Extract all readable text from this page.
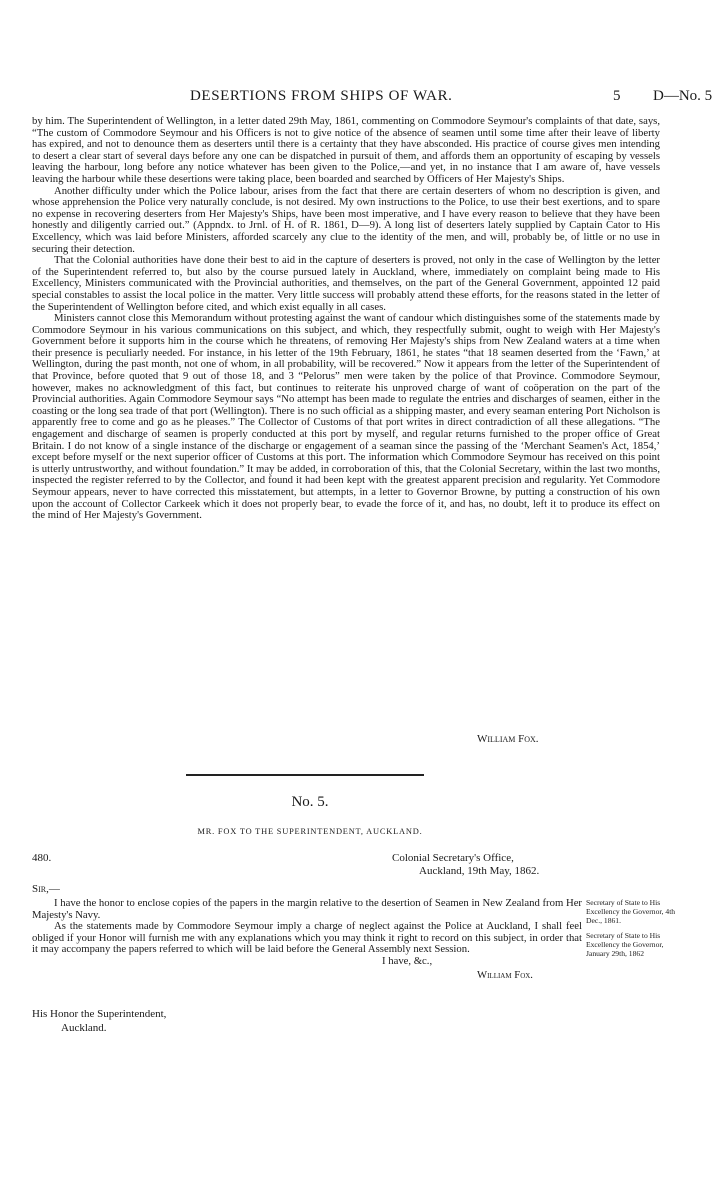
DESERTIONS FROM SHIPS OF WAR.	5 D—No. 5

by him. The Superintendent of Wellington, in a letter dated 29th May, 1861, commenting on Commodore Seymour's complaints of that date, says, “The custom of Commodore Seymour and his Officers is not to give notice of the absence of seamen until some time after their leave of liberty has expired, and not to denounce them as deserters until there is a certainty that they have absconded. His practice of course gives men intending to desert a clear start of several days before any one can be dispatched in pursuit of them, and affords them an opportunity of escaping by vessels leaving the harbour, long before any notice whatever has been given to the Police,—and yet, in no instance that I am aware of, have vessels leaving the harbour while these desertions were taking place, been boarded and searched by Officers of Her Majesty's Ships.

Another difficulty under which the Police labour, arises from the fact that there are certain deserters of whom no description is given, and whose apprehension the Police very naturally conclude, is not desired. My own instructions to the Police, to use their best exertions, and to spare no expense in recovering deserters from Her Majesty's Ships, have been most imperative, and I have every reason to believe that they have been honestly and diligently carried out.” (Appndx. to Jrnl. of H. of R. 1861, D—9). A long list of deserters lately supplied by Captain Cator to His Excellency, which was laid before Ministers, afforded scarcely any clue to the identity of the men, and will, probably be, of little or no use in securing their detection.

That the Colonial authorities have done their best to aid in the capture of deserters is proved, not only in the case of Wellington by the letter of the Superintendent referred to, but also by the course pursued lately in Auckland, where, immediately on complaint being made to His Excellency, Ministers communicated with the Provincial authorities, and themselves, on the part of the General Government, appointed 12 paid special constables to assist the local police in the matter. Very little success will probably attend these efforts, for the reasons stated in the letter of the Superintendent of Wellington before cited, and which exist equally in all cases.

Ministers cannot close this Memorandum without protesting against the want of candour which distinguishes some of the statements made by Commodore Seymour in his various communications on this subject, and which, they respectfully submit, ought to weigh with Her Majesty's Government before it supports him in the course which he threatens, of removing Her Majesty's ships from New Zealand waters at a time when their presence is peculiarly needed. For instance, in his letter of the 19th February, 1861, he states “that 18 seamen deserted from the ‘Fawn,’ at Wellington, during the past month, not one of whom, in all probability, will be recovered.” Now it appears from the letter of the Superintendent of that Province, before quoted that 9 out of those 18, and 3 “Pelorus” men were taken by the police of that Province. Commodore Seymour, however, makes no acknowledgment of this fact, but continues to reiterate his unproved charge of want of coöperation on the part of the Provincial authorities. Again Commodore Seymour says “No attempt has been made to regulate the entries and discharges of seamen, either in the coasting or the long sea trade of that port (Wellington). There is no such official as a shipping master, and every seaman entering Port Nicholson is apparently free to come and go as he pleases.” The Collector of Customs of that port writes in direct contradiction of all these allegations. “The engagement and discharge of seamen is properly conducted at this port by myself, and regular returns furnished to the proper office of Great Britain. I do not know of a single instance of the discharge or engagement of a seaman since the passing of the ‘Merchant Seamen's Act, 1854,’ except before myself or the next superior officer of Customs at this port. The information which Commodore Seymour has received on this point is utterly untrustworthy, and without foundation.” It may be added, in corroboration of this, that the Colonial Secretary, within the last two months, inspected the register referred to by the Collector, and found it had been kept with the greatest apparent precision and regularity. Yet Commodore Seymour appears, never to have corrected this misstatement, but attempts, in a letter to Governor Browne, by putting a construction of his own upon the account of Collector Carkeek which it does not properly bear, to evade the force of it, and has, no doubt, left it to produce its effect on the mind of Her Majesty's Government.

William Fox.
No. 5.
MR. FOX TO THE SUPERINTENDENT, AUCKLAND.
480.	Colonial Secretary's Office,
Auckland, 19th May, 1862.
Sir,—

I have the honor to enclose copies of the papers in the margin relative to the desertion of Seamen in New Zealand from Her Majesty's Navy.

As the statements made by Commodore Seymour imply a charge of neglect against the Police at Auckland, I shall feel obliged if your Honor will furnish me with any explanations which you may think it right to record on this subject, in order that it may accompany the papers referred to which will be laid before the General Assembly next Session.

I have, &c.,

William Fox.

Secretary of State to His Excellency the Governor, 4th Dec., 1861.
Secretary of State to His Excellency the Governor, January 29th, 1862
His Honor the Superintendent,
Auckland.
